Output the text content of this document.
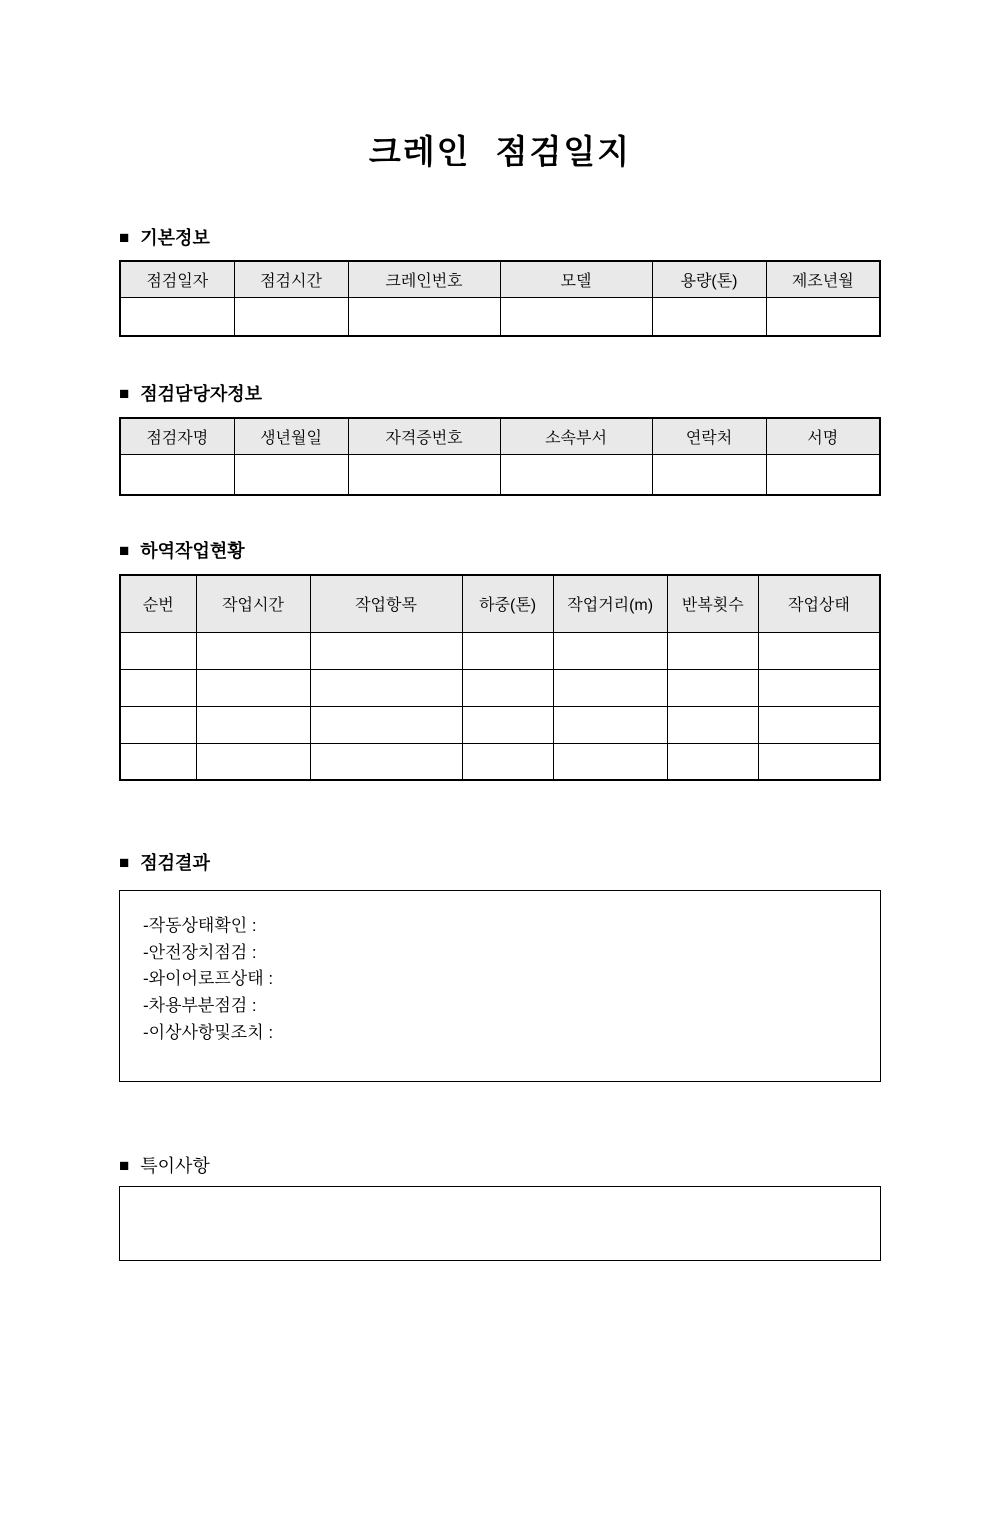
크레인 점검일지
■ 기본정보
점검일자	점검시간	크레인번호	모델	용량(톤)	제조년월

■ 점검담당자정보
점검자명	생년월일	자격증번호	소속부서	연락처	서명

■ 하역작업현황
순번	작업시간	작업항목	하중(톤)	작업거리(m)	반복횟수	작업상태

■ 점검결과
-작동상태확인 :
-안전장치점검 :
-와이어로프상태 :
-차용부분점검 :
-이상사항및조치 :
■ 특이사항
